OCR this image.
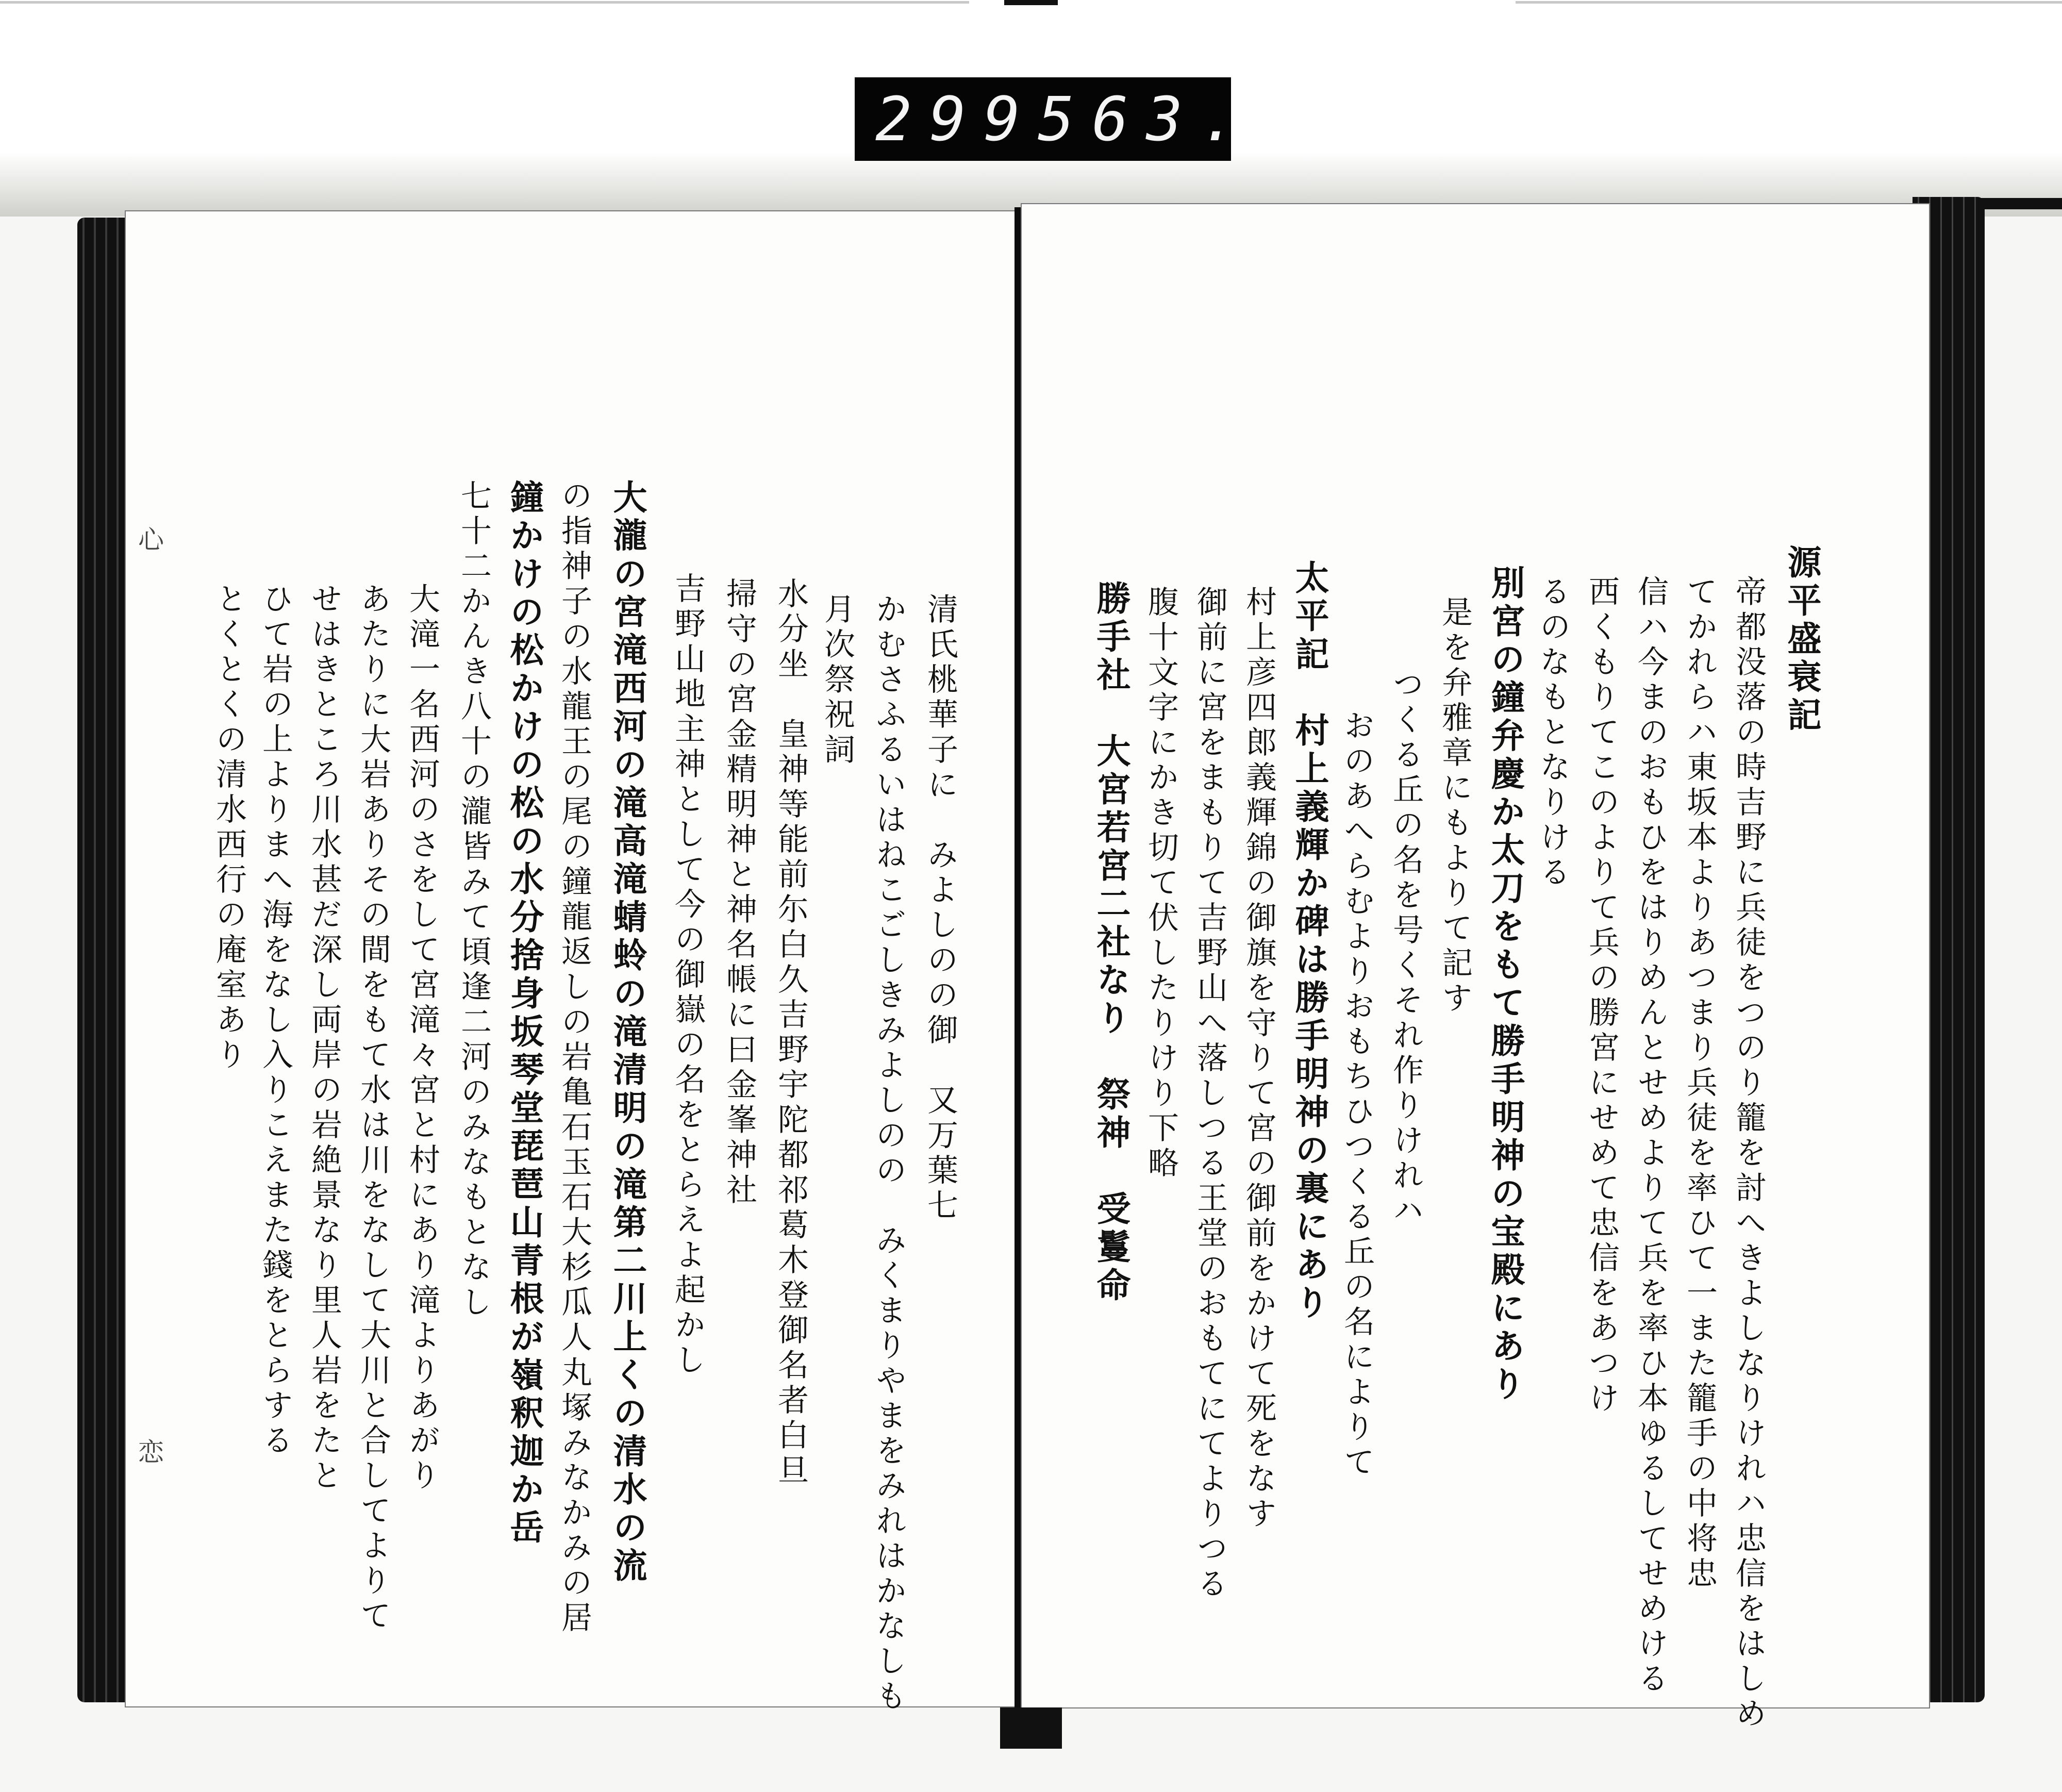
299 563.
清氏桃華子に　みよしのの御　又万葉七
かむさふるいはねこごしきみよしのの　みくまりやまをみれはかなしも
月次祭祝詞
水分坐　皇神等能前尓白久吉野宇陀都祁葛木登御名者白旦
掃守の宮金精明神と神名帳に曰金峯神社
吉野山地主神として今の御嶽の名をとらえよ起かし
大瀧の宮滝西河の滝高滝蜻蛉の滝清明の滝第二川上くの清水の流
の指神子の水龍王の尾の鐘龍返しの岩亀石玉石大杉瓜人丸塚みなかみの居
鐘かけの松かけの松の水分捨身坂琴堂琵琶山青根が嶺釈迦か岳
七十二かんき八十の瀧皆みて頃逢二河のみなもとなし
大滝一名西河のさをして宮滝々宮と村にあり滝よりあがり
あたりに大岩ありその間をもて水は川をなして大川と合してよりて
せはきところ川水甚だ深し両岸の岩絶景なり里人岩をたと
ひて岩の上よりまへ海をなし入りこえまた錢をとらする
とくとくの清水西行の庵室あり
心
恋
源平盛衰記
帝都没落の時吉野に兵徒をつのり籠を討へきよしなりけれハ忠信をはしめ
てかれらハ東坂本よりあつまり兵徒を率ひて一また籠手の中将忠
信ハ今まのおもひをはりめんとせめよりて兵を率ひ本ゆるしてせめける
西くもりてこのよりて兵の勝宮にせめて忠信をあつけ
るのなもとなりける
別宮の鐘弁慶か太刀をもて勝手明神の宝殿にあり
是を弁雅章にもよりて記す
つくる丘の名を号くそれ作りけれハ
おのあへらむよりおもちひつくる丘の名によりて
太平記　村上義輝か碑は勝手明神の裏にあり
村上彦四郎義輝錦の御旗を守りて宮の御前をかけて死をなす
御前に宮をまもりて吉野山へ落しつる王堂のおもてにてよりつる
腹十文字にかき切て伏したりけり下略
勝手社　大宮若宮二社なり　祭神　受鬘命
